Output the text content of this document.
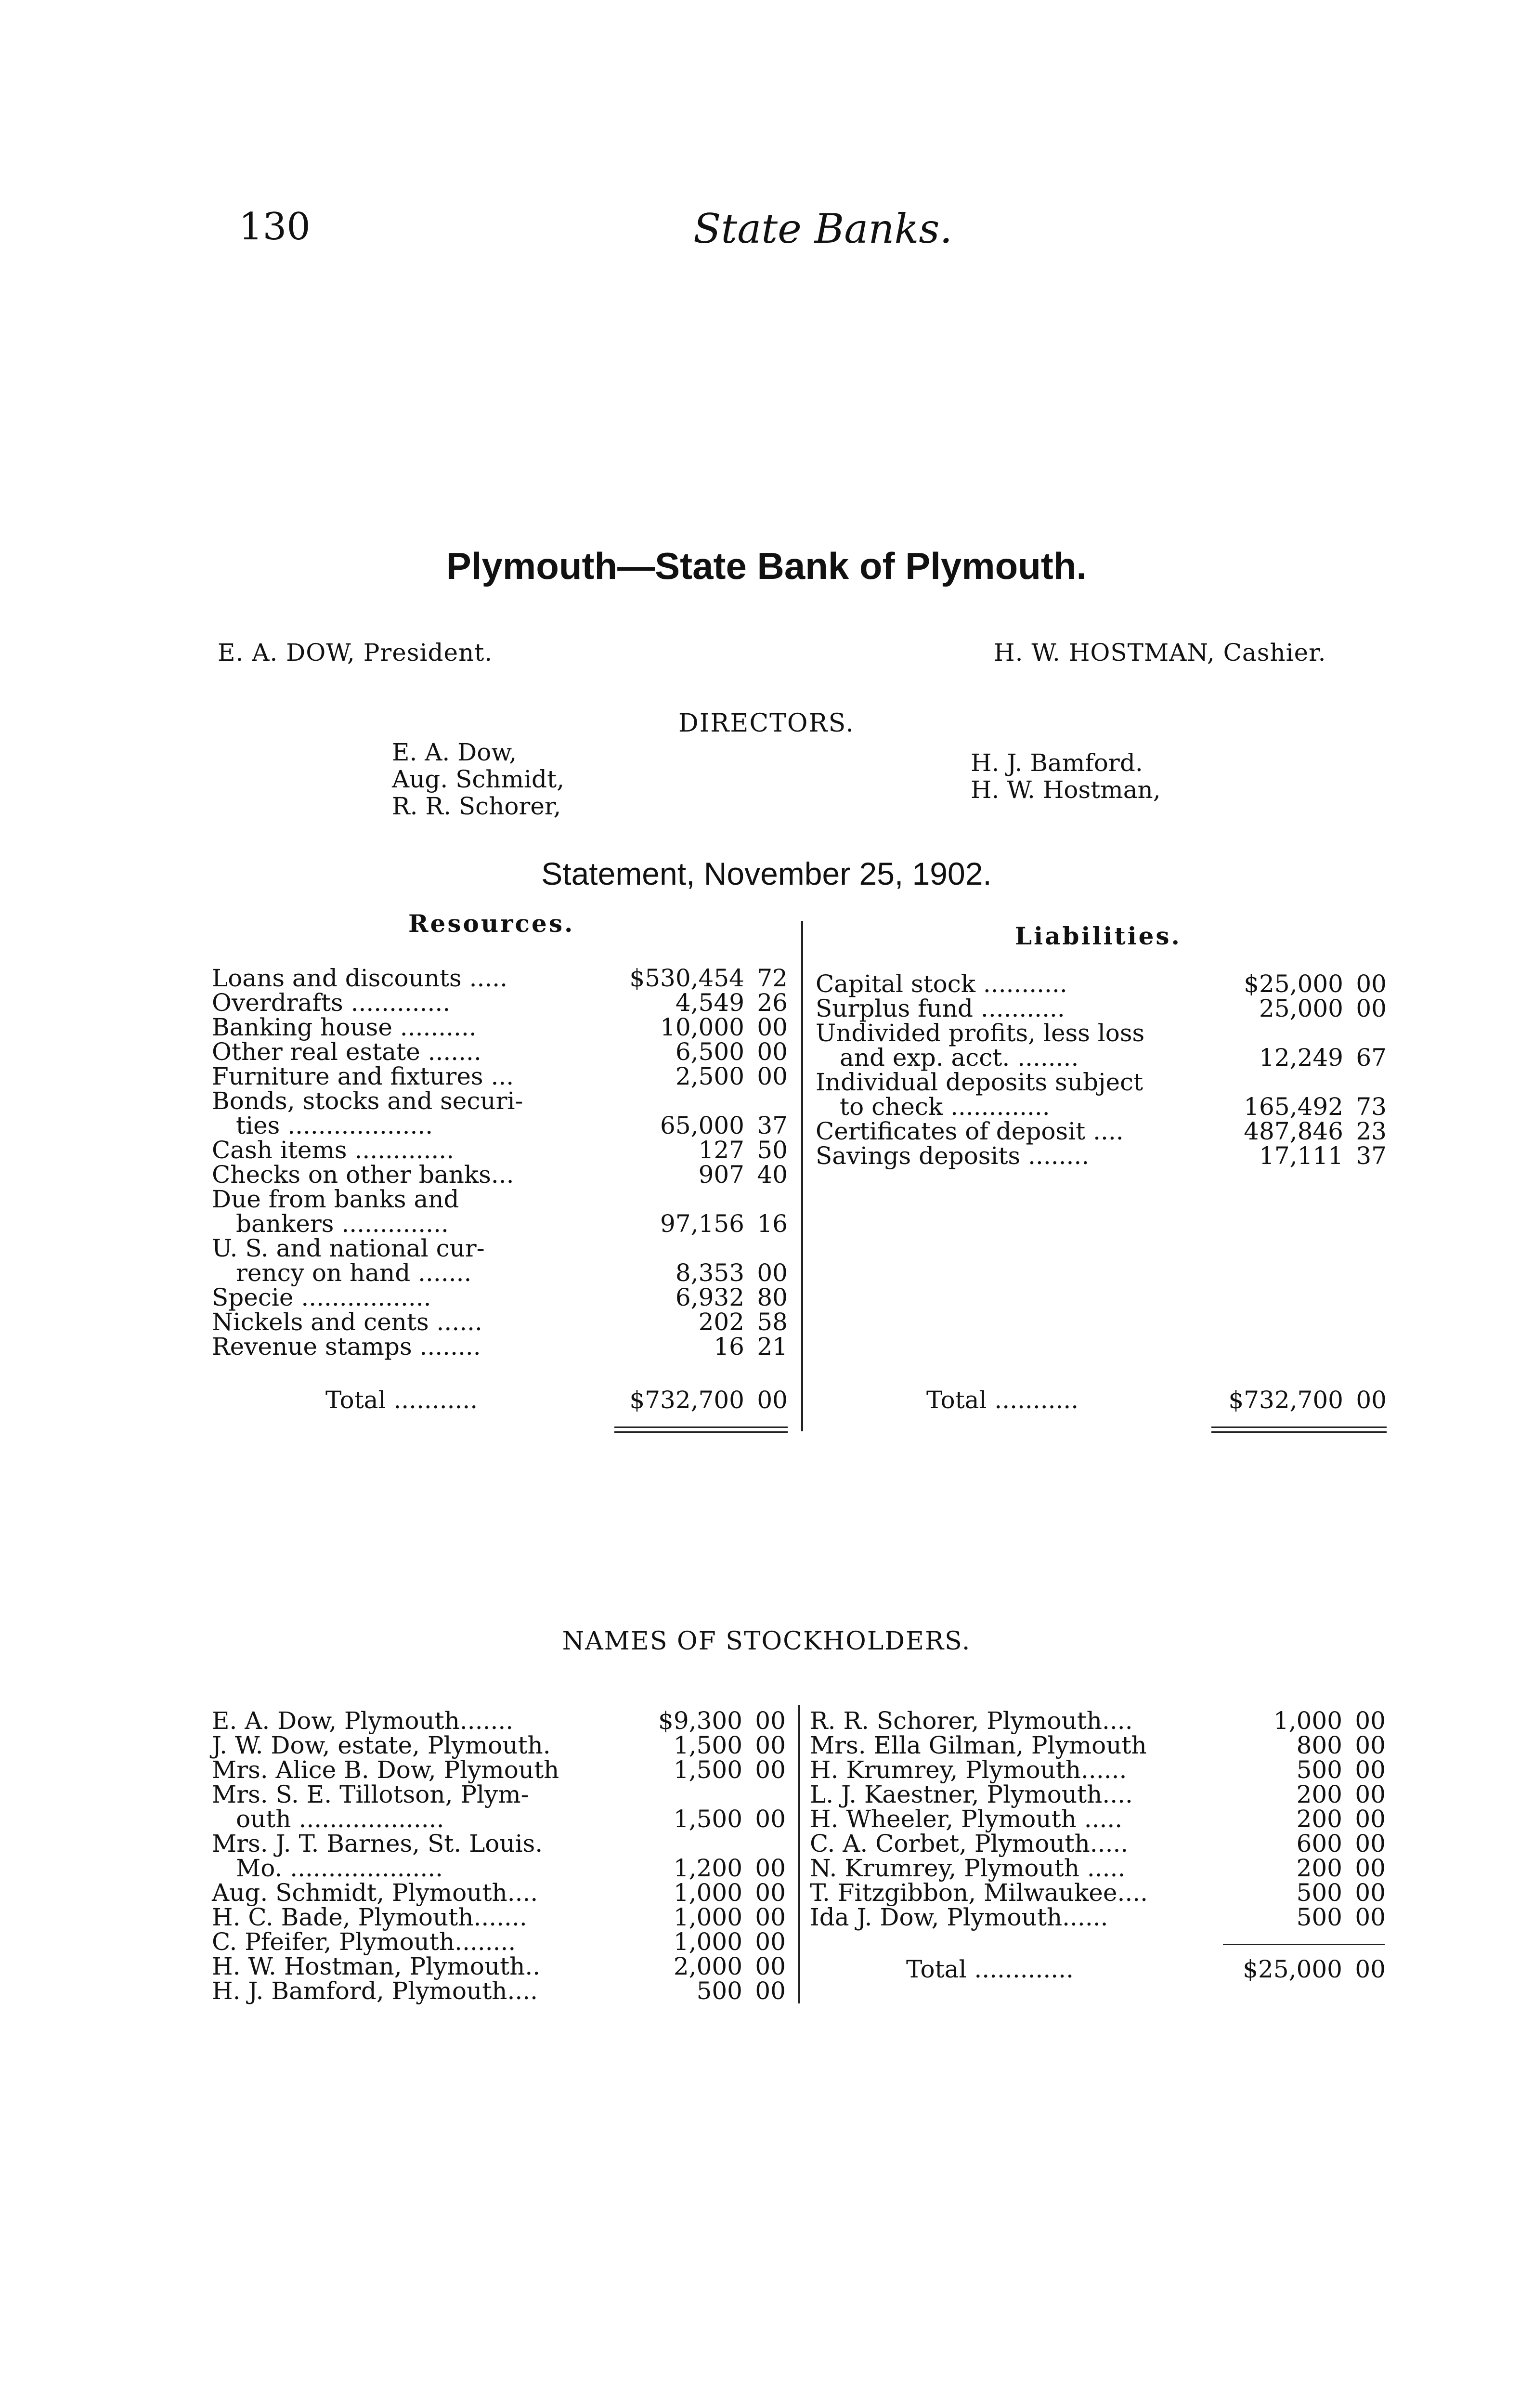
130	State Banks.
Plymouth—State Bank of Plymouth.
E. A. DOW, President.	H. W. HOSTMAN, Cashier.
DIRECTORS.
E. A. Dow,
Aug. Schmidt,
R. R. Schorer,
H. J. Bamford.
H. W. Hostman,
Statement, November 25, 1902.
Resources.	Liabilities.
Loans and discounts .....	$530,454 72
Overdrafts .............	4,549 26
Banking house ..........	10,000 00
Other real estate .......	6,500 00
Furniture and fixtures ...	2,500 00
Bonds, stocks and securi-
ties ...................	65,000 37
Cash items .............	127 50
Checks on other banks...	907 40
Due from banks and
bankers ..............	97,156 16
U. S. and national cur-
rency on hand .......	8,353 00
Specie .................	6,932 80
Nickels and cents ......	202 58
Revenue stamps ........	16 21
Total ...........	$732,700 00
Capital stock ...........	$25,000 00
Surplus fund ...........	25,000 00
Undivided profits, less loss
and exp. acct. ........	12,249 67
Individual deposits subject
to check .............	165,492 73
Certificates of deposit ....	487,846 23
Savings deposits ........	17,111 37
Total ...........	$732,700 00
NAMES OF STOCKHOLDERS.
E. A. Dow, Plymouth.......	$9,300 00
J. W. Dow, estate, Plymouth.	1,500 00
Mrs. Alice B. Dow, Plymouth	1,500 00
Mrs. S. E. Tillotson, Plym-
outh ...................	1,500 00
Mrs. J. T. Barnes, St. Louis.
Mo. ....................	1,200 00
Aug. Schmidt, Plymouth....	1,000 00
H. C. Bade, Plymouth.......	1,000 00
C. Pfeifer, Plymouth........	1,000 00
H. W. Hostman, Plymouth..	2,000 00
H. J. Bamford, Plymouth....	500 00
R. R. Schorer, Plymouth....	1,000 00
Mrs. Ella Gilman, Plymouth	800 00
H. Krumrey, Plymouth......	500 00
L. J. Kaestner, Plymouth....	200 00
H. Wheeler, Plymouth .....	200 00
C. A. Corbet, Plymouth.....	600 00
N. Krumrey, Plymouth .....	200 00
T. Fitzgibbon, Milwaukee....	500 00
Ida J. Dow, Plymouth......	500 00
Total .............	$25,000 00
